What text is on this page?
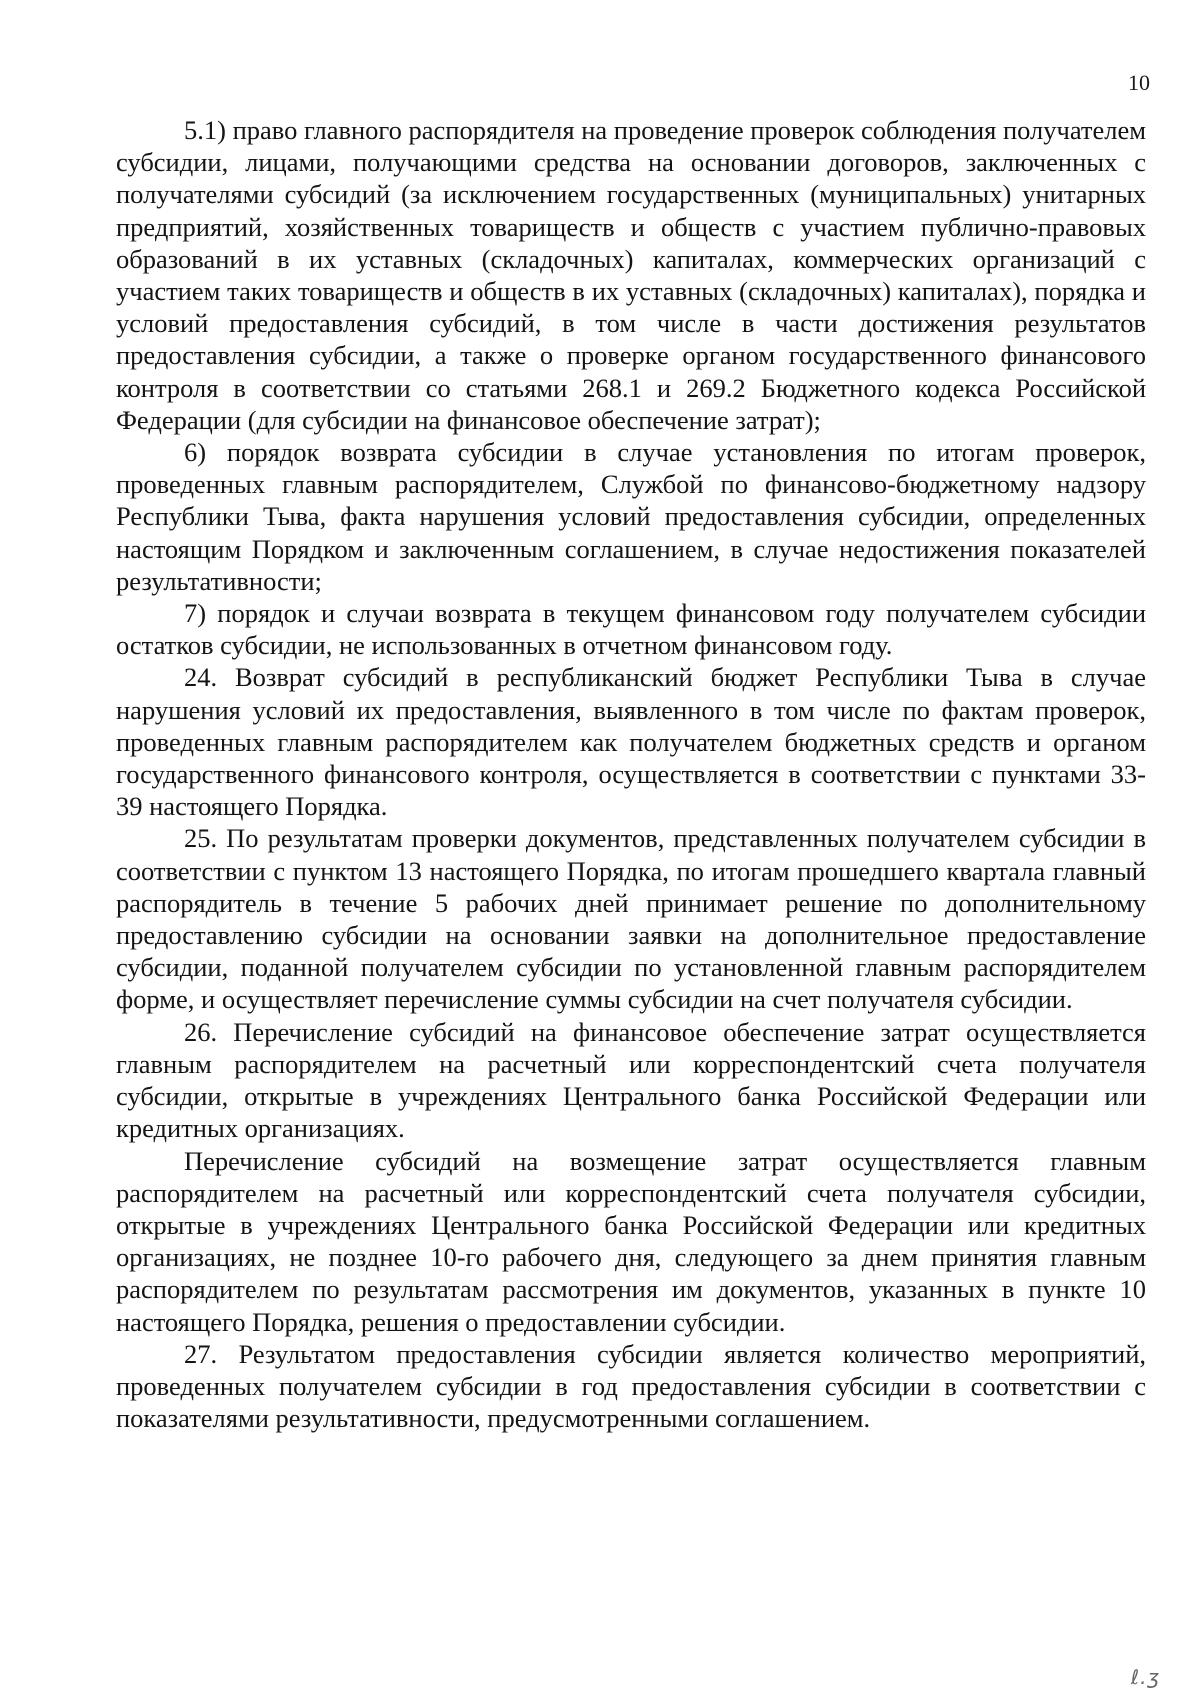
10

5.1) право главного распорядителя на проведение проверок соблюдения получателем субсидии, лицами, получающими средства на основании договоров, заключенных с получателями субсидий (за исключением государственных (муниципальных) унитарных предприятий, хозяйственных товариществ и обществ с участием публично-правовых образований в их уставных (складочных) капиталах, коммерческих организаций с участием таких товариществ и обществ в их уставных (складочных) капиталах), порядка и условий предоставления субсидий, в том числе в части достижения результатов предоставления субсидии, а также о проверке органом государственного финансового контроля в соответствии со статьями 268.1 и 269.2 Бюджетного кодекса Российской Федерации (для субсидии на финансовое обеспечение затрат);

6) порядок возврата субсидии в случае установления по итогам проверок, проведенных главным распорядителем, Службой по финансово-бюджетному надзору Республики Тыва, факта нарушения условий предоставления субсидии, определенных настоящим Порядком и заключенным соглашением, в случае недостижения показателей результативности;

7) порядок и случаи возврата в текущем финансовом году получателем субсидии остатков субсидии, не использованных в отчетном финансовом году.

24. Возврат субсидий в республиканский бюджет Республики Тыва в случае нарушения условий их предоставления, выявленного в том числе по фактам проверок, проведенных главным распорядителем как получателем бюджетных средств и органом государственного финансового контроля, осуществляется в соответствии с пунктами 33-39 настоящего Порядка.

25. По результатам проверки документов, представленных получателем субсидии в соответствии с пунктом 13 настоящего Порядка, по итогам прошедшего квартала главный распорядитель в течение 5 рабочих дней принимает решение по дополнительному предоставлению субсидии на основании заявки на дополнительное предоставление субсидии, поданной получателем субсидии по установленной главным распорядителем форме, и осуществляет перечисление суммы субсидии на счет получателя субсидии.

26. Перечисление субсидий на финансовое обеспечение затрат осуществляется главным распорядителем на расчетный или корреспондентский счета получателя субсидии, открытые в учреждениях Центрального банка Российской Федерации или кредитных организациях.

Перечисление субсидий на возмещение затрат осуществляется главным распорядителем на расчетный или корреспондентский счета получателя субсидии, открытые в учреждениях Центрального банка Российской Федерации или кредитных организациях, не позднее 10-го рабочего дня, следующего за днем принятия главным распорядителем по результатам рассмотрения им документов, указанных в пункте 10 настоящего Порядка, решения о предоставлении субсидии.

27. Результатом предоставления субсидии является количество мероприятий, проведенных получателем субсидии в год предоставления субсидии в соответствии с показателями результативности, предусмотренными соглашением.

ℓ.ʒ
